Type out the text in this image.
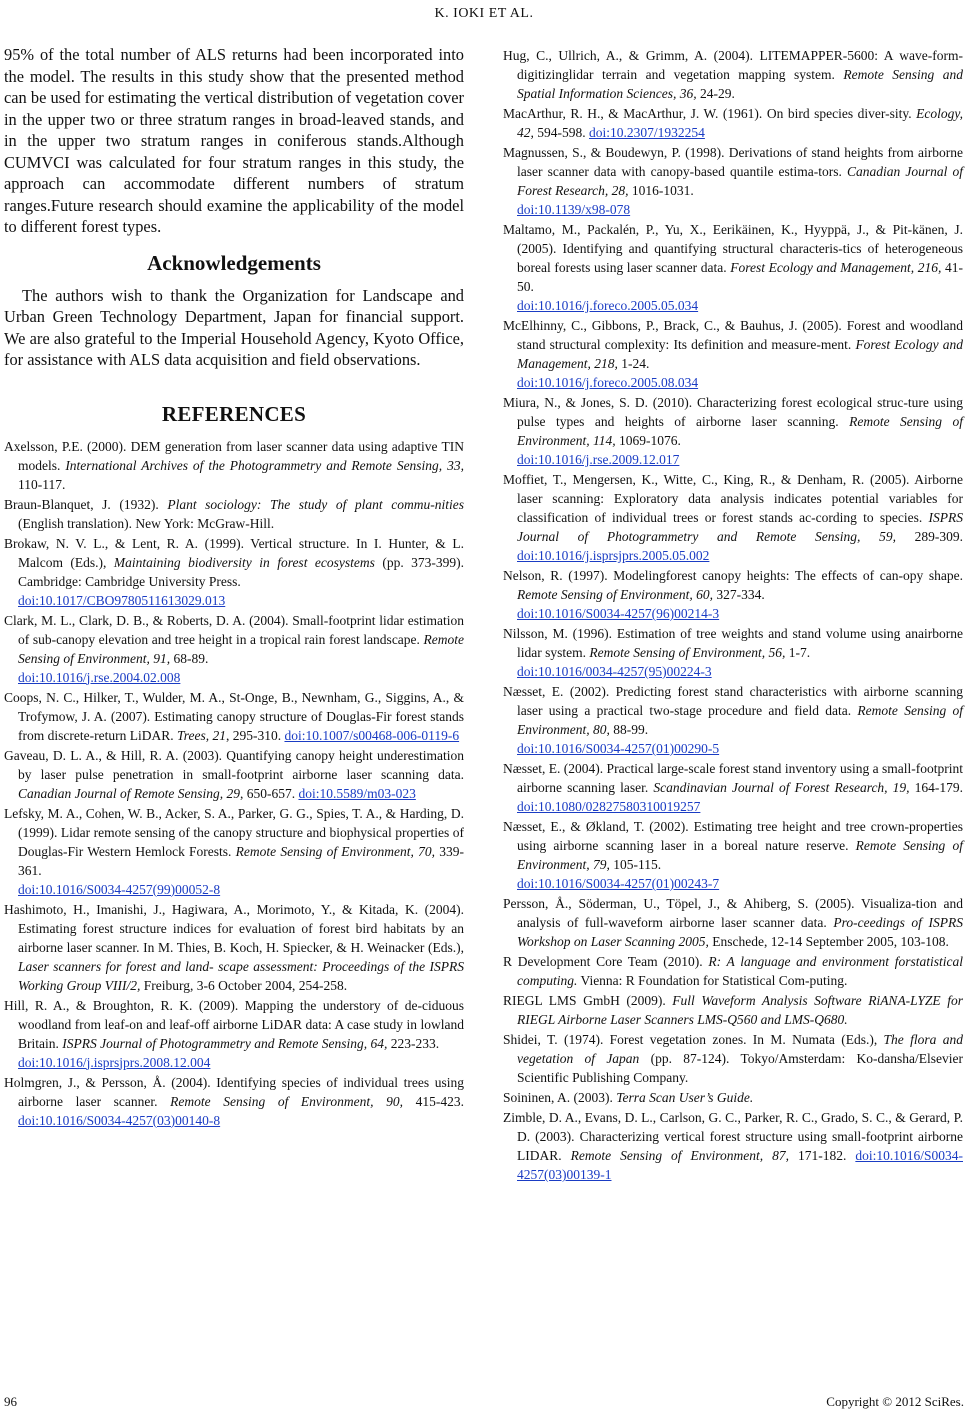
K. IOKI ET AL.

95% of the total number of ALS returns had been incorporated into the model. The results in this study show that the presented method can be used for estimating the vertical distribution of vegetation cover in the upper two or three stratum ranges in broad-leaved stands, and in the upper two stratum ranges in coniferous stands.Although CUMVCI was calculated for four stratum ranges in this study, the approach can accommodate different numbers of stratum ranges.Future research should examine the applicability of the model to different forest types.

Acknowledgements

The authors wish to thank the Organization for Landscape and Urban Green Technology Department, Japan for financial support. We are also grateful to the Imperial Household Agency, Kyoto Office, for assistance with ALS data acquisition and field observations.

REFERENCES
Axelsson, P.E. (2000). DEM generation from laser scanner data using adaptive TIN models. International Archives of the Photogrammetry and Remote Sensing, 33, 110-117.
Braun-Blanquet, J. (1932). Plant sociology: The study of plant commu-nities (English translation). New York: McGraw-Hill.
Brokaw, N. V. L., & Lent, R. A. (1999). Vertical structure. In I. Hunter, & L. Malcom (Eds.), Maintaining biodiversity in forest ecosystems (pp. 373-399). Cambridge: Cambridge University Press.
doi:10.1017/CBO9780511613029.013
Clark, M. L., Clark, D. B., & Roberts, D. A. (2004). Small-footprint lidar estimation of sub-canopy elevation and tree height in a tropical rain forest landscape. Remote Sensing of Environment, 91, 68-89.
doi:10.1016/j.rse.2004.02.008
Coops, N. C., Hilker, T., Wulder, M. A., St-Onge, B., Newnham, G., Siggins, A., & Trofymow, J. A. (2007). Estimating canopy structure of Douglas-Fir forest stands from discrete-return LiDAR. Trees, 21, 295-310. doi:10.1007/s00468-006-0119-6
Gaveau, D. L. A., & Hill, R. A. (2003). Quantifying canopy height underestimation by laser pulse penetration in small-footprint airborne laser scanning data. Canadian Journal of Remote Sensing, 29, 650-657. doi:10.5589/m03-023
Lefsky, M. A., Cohen, W. B., Acker, S. A., Parker, G. G., Spies, T. A., & Harding, D. (1999). Lidar remote sensing of the canopy structure and biophysical properties of Douglas-Fir Western Hemlock Forests. Remote Sensing of Environment, 70, 339-361.
doi:10.1016/S0034-4257(99)00052-8
Hashimoto, H., Imanishi, J., Hagiwara, A., Morimoto, Y., & Kitada, K. (2004). Estimating forest structure indices for evaluation of forest bird habitats by an airborne laser scanner. In M. Thies, B. Koch, H. Spiecker, & H. Weinacker (Eds.), Laser scanners for forest and land- scape assessment: Proceedings of the ISPRS Working Group VIII/2, Freiburg, 3-6 October 2004, 254-258.
Hill, R. A., & Broughton, R. K. (2009). Mapping the understory of de-ciduous woodland from leaf-on and leaf-off airborne LiDAR data: A case study in lowland Britain. ISPRS Journal of Photogrammetry and Remote Sensing, 64, 223-233.
doi:10.1016/j.isprsjprs.2008.12.004
Holmgren, J., & Persson, Å. (2004). Identifying species of individual trees using airborne laser scanner. Remote Sensing of Environment, 90, 415-423. doi:10.1016/S0034-4257(03)00140-8
Hug, C., Ullrich, A., & Grimm, A. (2004). LITEMAPPER-5600: A wave-form-digitizinglidar terrain and vegetation mapping system. Remote Sensing and Spatial Information Sciences, 36, 24-29.
MacArthur, R. H., & MacArthur, J. W. (1961). On bird species diver-sity. Ecology, 42, 594-598. doi:10.2307/1932254
Magnussen, S., & Boudewyn, P. (1998). Derivations of stand heights from airborne laser scanner data with canopy-based quantile estima-tors. Canadian Journal of Forest Research, 28, 1016-1031.
doi:10.1139/x98-078
Maltamo, M., Packalén, P., Yu, X., Eerikäinen, K., Hyyppä, J., & Pit-känen, J. (2005). Identifying and quantifying structural characteris-tics of heterogeneous boreal forests using laser scanner data. Forest Ecology and Management, 216, 41-50.
doi:10.1016/j.foreco.2005.05.034
McElhinny, C., Gibbons, P., Brack, C., & Bauhus, J. (2005). Forest and woodland stand structural complexity: Its definition and measure-ment. Forest Ecology and Management, 218, 1-24.
doi:10.1016/j.foreco.2005.08.034
Miura, N., & Jones, S. D. (2010). Characterizing forest ecological struc-ture using pulse types and heights of airborne laser scanning. Remote Sensing of Environment, 114, 1069-1076.
doi:10.1016/j.rse.2009.12.017
Moffiet, T., Mengersen, K., Witte, C., King, R., & Denham, R. (2005). Airborne laser scanning: Exploratory data analysis indicates potential variables for classification of individual trees or forest stands ac-cording to species. ISPRS Journal of Photogrammetry and Remote Sensing, 59, 289-309. doi:10.1016/j.isprsjprs.2005.05.002
Nelson, R. (1997). Modelingforest canopy heights: The effects of can-opy shape. Remote Sensing of Environment, 60, 327-334.
doi:10.1016/S0034-4257(96)00214-3
Nilsson, M. (1996). Estimation of tree weights and stand volume using anairborne lidar system. Remote Sensing of Environment, 56, 1-7.
doi:10.1016/0034-4257(95)00224-3
Næsset, E. (2002). Predicting forest stand characteristics with airborne scanning laser using a practical two-stage procedure and field data. Remote Sensing of Environment, 80, 88-99.
doi:10.1016/S0034-4257(01)00290-5
Næsset, E. (2004). Practical large-scale forest stand inventory using a small-footprint airborne scanning laser. Scandinavian Journal of Forest Research, 19, 164-179. doi:10.1080/02827580310019257
Næsset, E., & Økland, T. (2002). Estimating tree height and tree crown-properties using airborne scanning laser in a boreal nature reserve. Remote Sensing of Environment, 79, 105-115.
doi:10.1016/S0034-4257(01)00243-7
Persson, Å., Söderman, U., Töpel, J., & Ahiberg, S. (2005). Visualiza-tion and analysis of full-waveform airborne laser scanner data. Pro-ceedings of ISPRS Workshop on Laser Scanning 2005, Enschede, 12-14 September 2005, 103-108.
R Development Core Team (2010). R: A language and environment forstatistical computing. Vienna: R Foundation for Statistical Com-puting.
RIEGL LMS GmbH (2009). Full Waveform Analysis Software RiANA-LYZE for RIEGL Airborne Laser Scanners LMS-Q560 and LMS-Q680.
Shidei, T. (1974). Forest vegetation zones. In M. Numata (Eds.), The flora and vegetation of Japan (pp. 87-124). Tokyo/Amsterdam: Ko-dansha/Elsevier Scientific Publishing Company.
Soininen, A. (2003). Terra Scan User’s Guide.
Zimble, D. A., Evans, D. L., Carlson, G. C., Parker, R. C., Grado, S. C., & Gerard, P. D. (2003). Characterizing vertical forest structure using small-footprint airborne LIDAR. Remote Sensing of Environment, 87, 171-182. doi:10.1016/S0034-4257(03)00139-1
96	Copyright © 2012 SciRes.
